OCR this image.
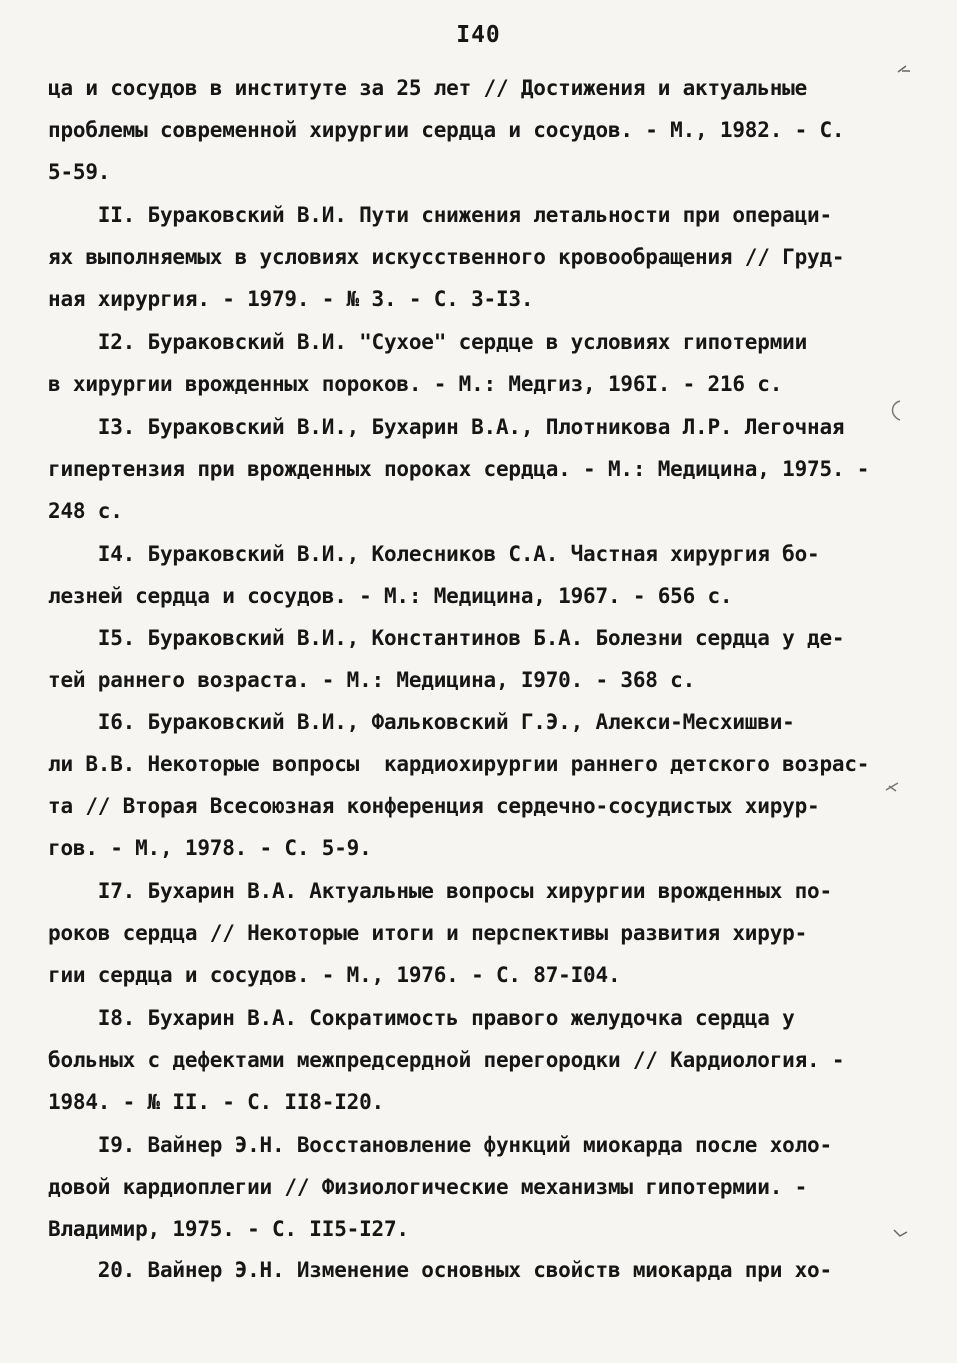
I40
ца и сосудов в институте за 25 лет // Достижения и актуальные
проблемы современной хирургии сердца и сосудов. - М., 1982. - С.
5-59.
II. Бураковский В.И. Пути снижения летальности при операци-
ях выполняемых в условиях искусственного кровообращения // Груд-
ная хирургия. - 1979. - № 3. - С. 3-I3.
I2. Бураковский В.И. "Сухое" сердце в условиях гипотермии
в хирургии врожденных пороков. - М.: Медгиз, 196I. - 216 с.
I3. Бураковский В.И., Бухарин В.А., Плотникова Л.Р. Легочная
гипертензия при врожденных пороках сердца. - М.: Медицина, 1975. -
248 с.
I4. Бураковский В.И., Колесников С.А. Частная хирургия бо-
лезней сердца и сосудов. - М.: Медицина, 1967. - 656 с.
I5. Бураковский В.И., Константинов Б.А. Болезни сердца у де-
тей раннего возраста. - М.: Медицина, I970. - 368 с.
I6. Бураковский В.И., Фальковский Г.Э., Алекси-Месхишви-
ли В.В. Некоторые вопросы  кардиохирургии раннего детского возрас-
та // Вторая Всесоюзная конференция сердечно-сосудистых хирур-
гов. - М., 1978. - С. 5-9.
I7. Бухарин В.А. Актуальные вопросы хирургии врожденных по-
роков сердца // Некоторые итоги и перспективы развития хирур-
гии сердца и сосудов. - М., 1976. - С. 87-I04.
I8. Бухарин В.А. Сократимость правого желудочка сердца у
больных с дефектами межпредсердной перегородки // Кардиология. -
1984. - № II. - С. II8-I20.
I9. Вайнер Э.Н. Восстановление функций миокарда после холо-
довой кардиоплегии // Физиологические механизмы гипотермии. -
Владимир, 1975. - С. II5-I27.
20. Вайнер Э.Н. Изменение основных свойств миокарда при хо-
